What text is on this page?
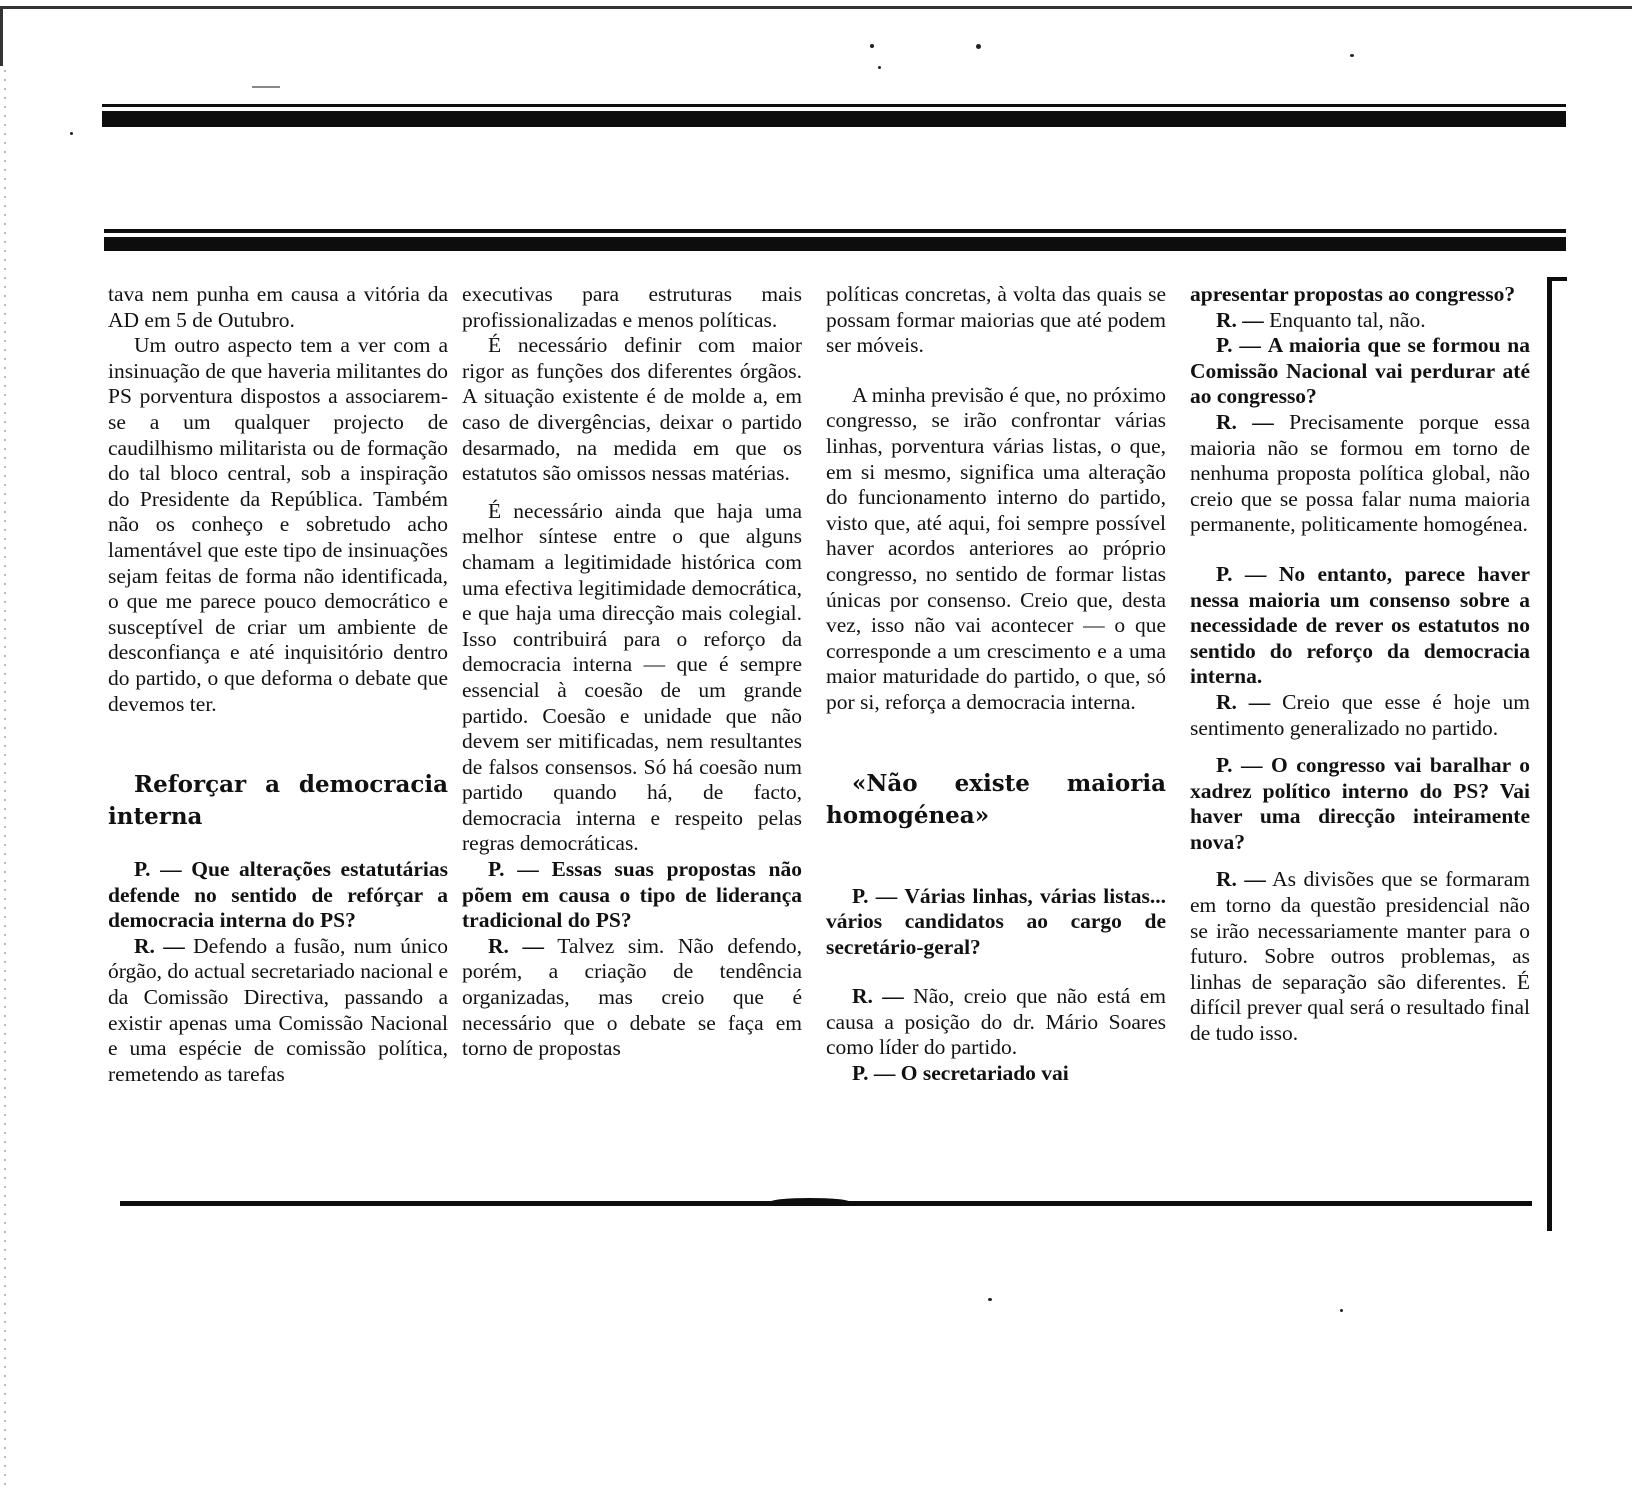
tava nem punha em causa a vitória da AD em 5 de Outubro.

Um outro aspecto tem a ver com a insinuação de que haveria militantes do PS porventura dispostos a associarem-se a um qualquer projecto de caudilhismo militarista ou de formação do tal bloco central, sob a inspiração do Presidente da República. Também não os conheço e sobretudo acho lamentável que este tipo de insinuações sejam feitas de forma não identificada, o que me parece pouco democrático e susceptível de criar um ambiente de desconfiança e até inquisitório dentro do partido, o que deforma o debate que devemos ter.

Reforçar a democracia interna

P. — Que alterações estatutárias defende no sentido de refórçar a democracia interna do PS?

R. — Defendo a fusão, num único órgão, do actual secretariado nacional e da Comissão Directiva, passando a existir apenas uma Comissão Nacional e uma espécie de comissão política, remetendo as tarefas

executivas para estruturas mais profissionalizadas e menos políticas.

É necessário definir com maior rigor as funções dos diferentes órgãos. A situação existente é de molde a, em caso de divergências, deixar o partido desarmado, na medida em que os estatutos são omissos nessas matérias.

É necessário ainda que haja uma melhor síntese entre o que alguns chamam a legitimidade histórica com uma efectiva legitimidade democrática, e que haja uma direcção mais colegial. Isso contribuirá para o reforço da democracia interna — que é sempre essencial à coesão de um grande partido. Coesão e unidade que não devem ser mitificadas, nem resultantes de falsos consensos. Só há coesão num partido quando há, de facto, democracia interna e respeito pelas regras democráticas.

P. — Essas suas propostas não põem em causa o tipo de liderança tradicional do PS?

R. — Talvez sim. Não defendo, porém, a criação de tendência organizadas, mas creio que é necessário que o debate se faça em torno de propostas

políticas concretas, à volta das quais se possam formar maiorias que até podem ser móveis.

A minha previsão é que, no próximo congresso, se irão confrontar várias linhas, porventura várias listas, o que, em si mesmo, significa uma alteração do funcionamento interno do partido, visto que, até aqui, foi sempre possível haver acordos anteriores ao próprio congresso, no sentido de formar listas únicas por consenso. Creio que, desta vez, isso não vai acontecer — o que corresponde a um crescimento e a uma maior maturidade do partido, o que, só por si, reforça a democracia interna.

«Não existe maioria homogénea»

P. — Várias linhas, várias listas... vários candidatos ao cargo de secretário-geral?

R. — Não, creio que não está em causa a posição do dr. Mário Soares como líder do partido.

P. — O secretariado vai

apresentar propostas ao congresso?

R. — Enquanto tal, não.

P. — A maioria que se formou na Comissão Nacional vai perdurar até ao congresso?

R. — Precisamente porque essa maioria não se formou em torno de nenhuma proposta política global, não creio que se possa falar numa maioria permanente, politicamente homogénea.

P. — No entanto, parece haver nessa maioria um consenso sobre a necessidade de rever os estatutos no sentido do reforço da democracia interna.

R. — Creio que esse é hoje um sentimento generalizado no partido.

P. — O congresso vai baralhar o xadrez político interno do PS? Vai haver uma direcção inteiramente nova?

R. — As divisões que se formaram em torno da questão presidencial não se irão necessariamente manter para o futuro. Sobre outros problemas, as linhas de separação são diferentes. É difícil prever qual será o resultado final de tudo isso.
